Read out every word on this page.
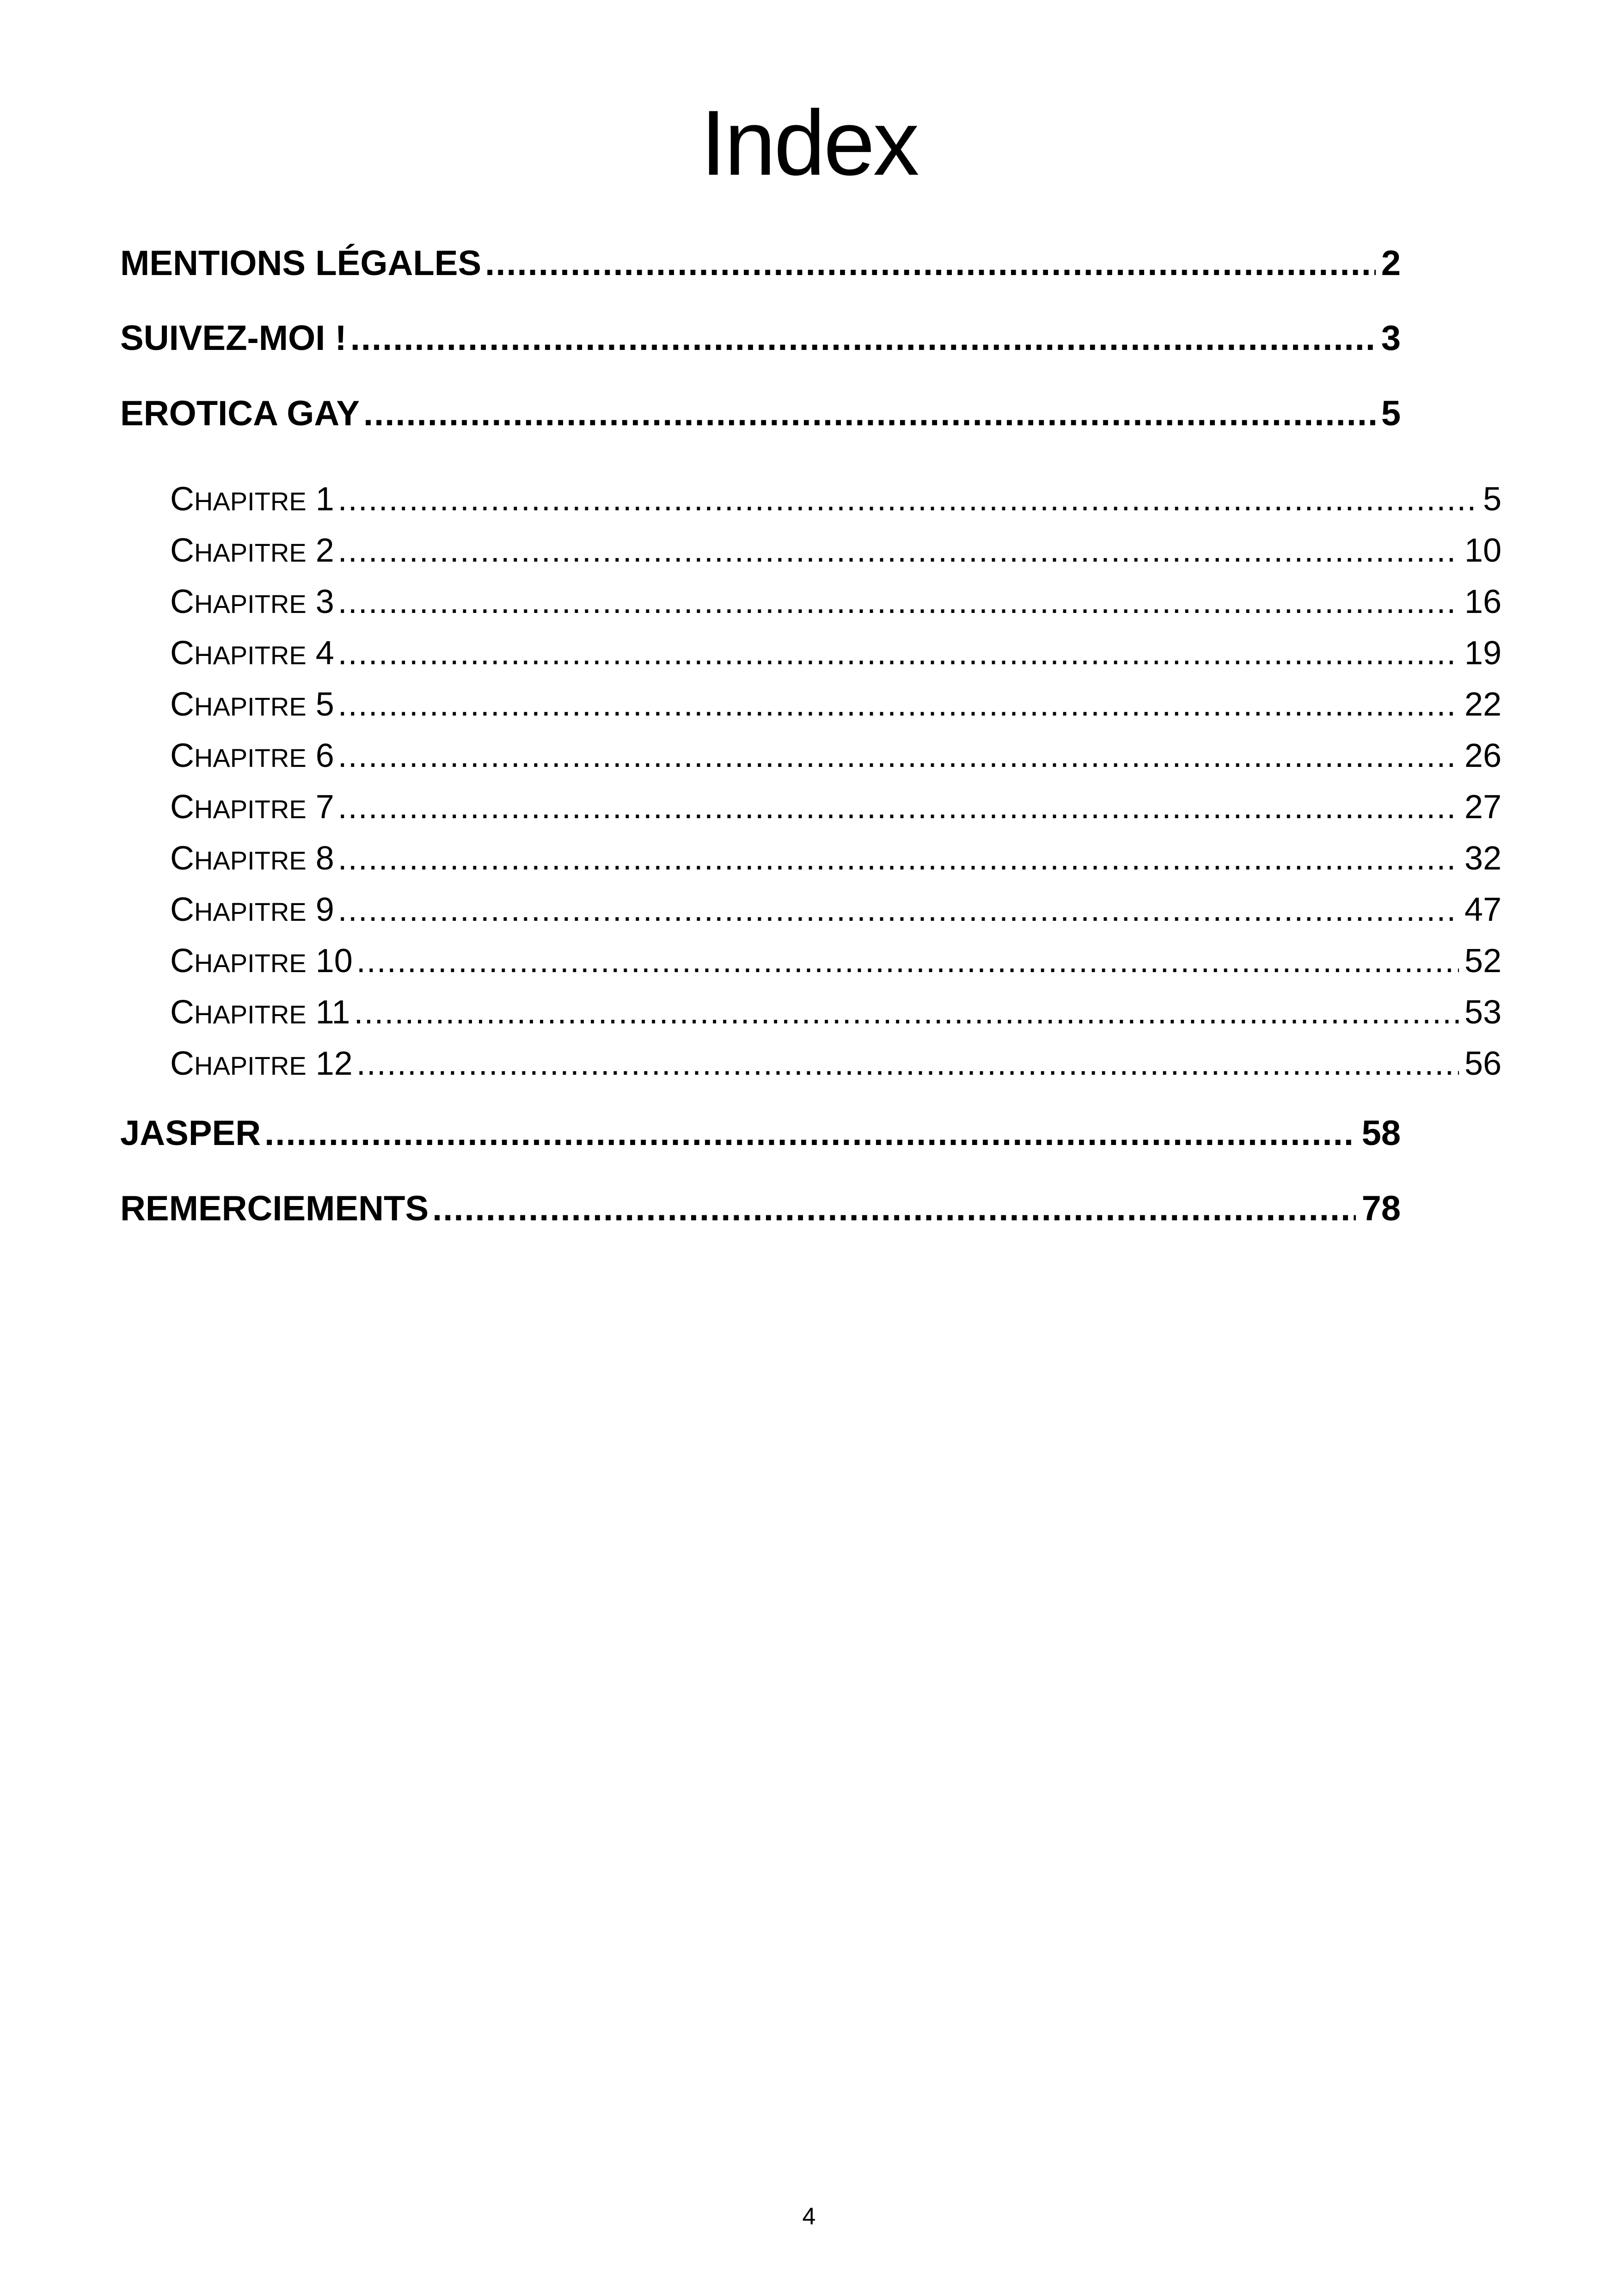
Index
MENTIONS LÉGALES .....	2
SUIVEZ-MOI ! .....	3
EROTICA GAY .....	5
CHAPITRE 1 .....	5
CHAPITRE 2 .....	10
CHAPITRE 3 .....	16
CHAPITRE 4 .....	19
CHAPITRE 5 .....	22
CHAPITRE 6 .....	26
CHAPITRE 7 .....	27
CHAPITRE 8 .....	32
CHAPITRE 9 .....	47
CHAPITRE 10 .....	52
CHAPITRE 11 .....	53
CHAPITRE 12 .....	56
JASPER .....	58
REMERCIEMENTS .....	78
4
